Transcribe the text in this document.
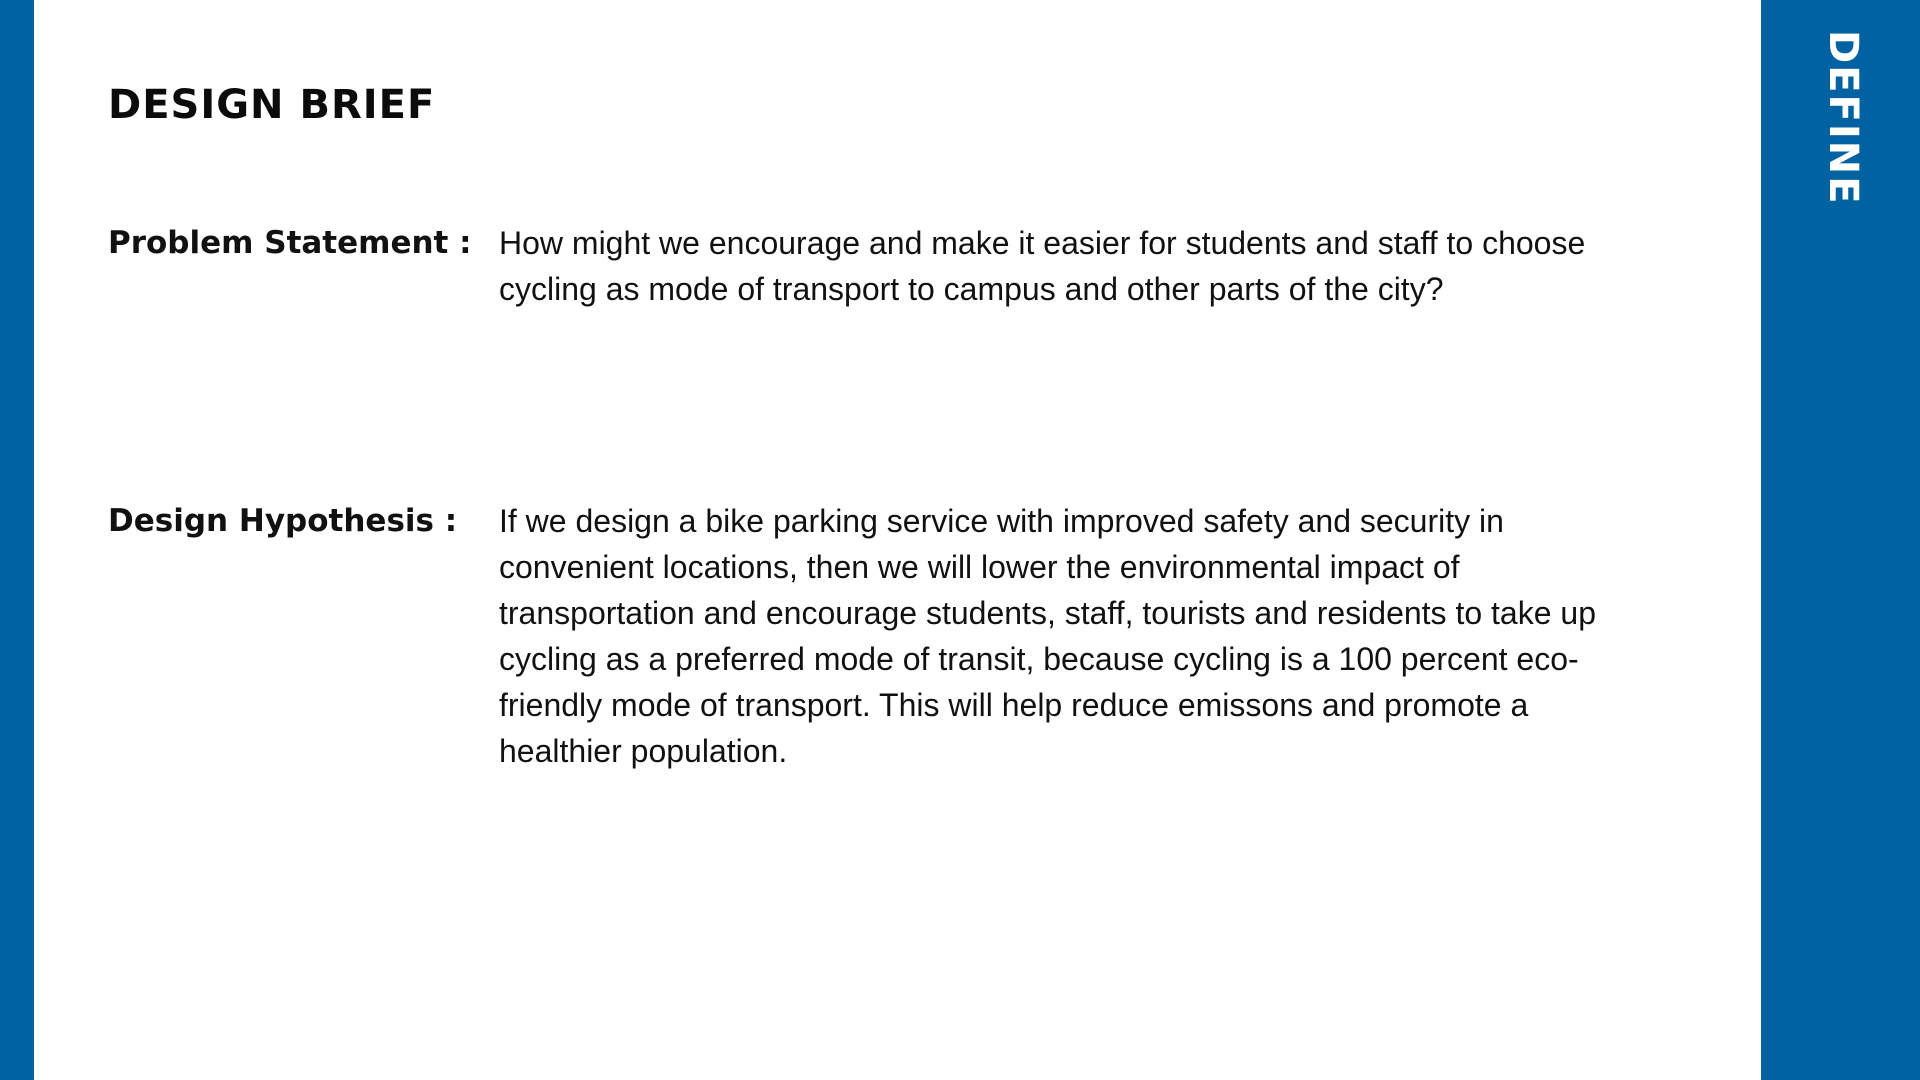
DEFINE
DESIGN BRIEF
Problem Statement : How might we encourage and make it easier for students and staff to choose cycling as mode of transport to campus and other parts of the city?
Design Hypothesis :	If we design a bike parking service with improved safety and security in convenient locations, then we will lower the environmental impact of transportation and encourage students, staff, tourists and residents to take up cycling as a preferred mode of transit, because cycling is a 100 percent eco-friendly mode of transport. This will help reduce emissons and promote a healthier population.
